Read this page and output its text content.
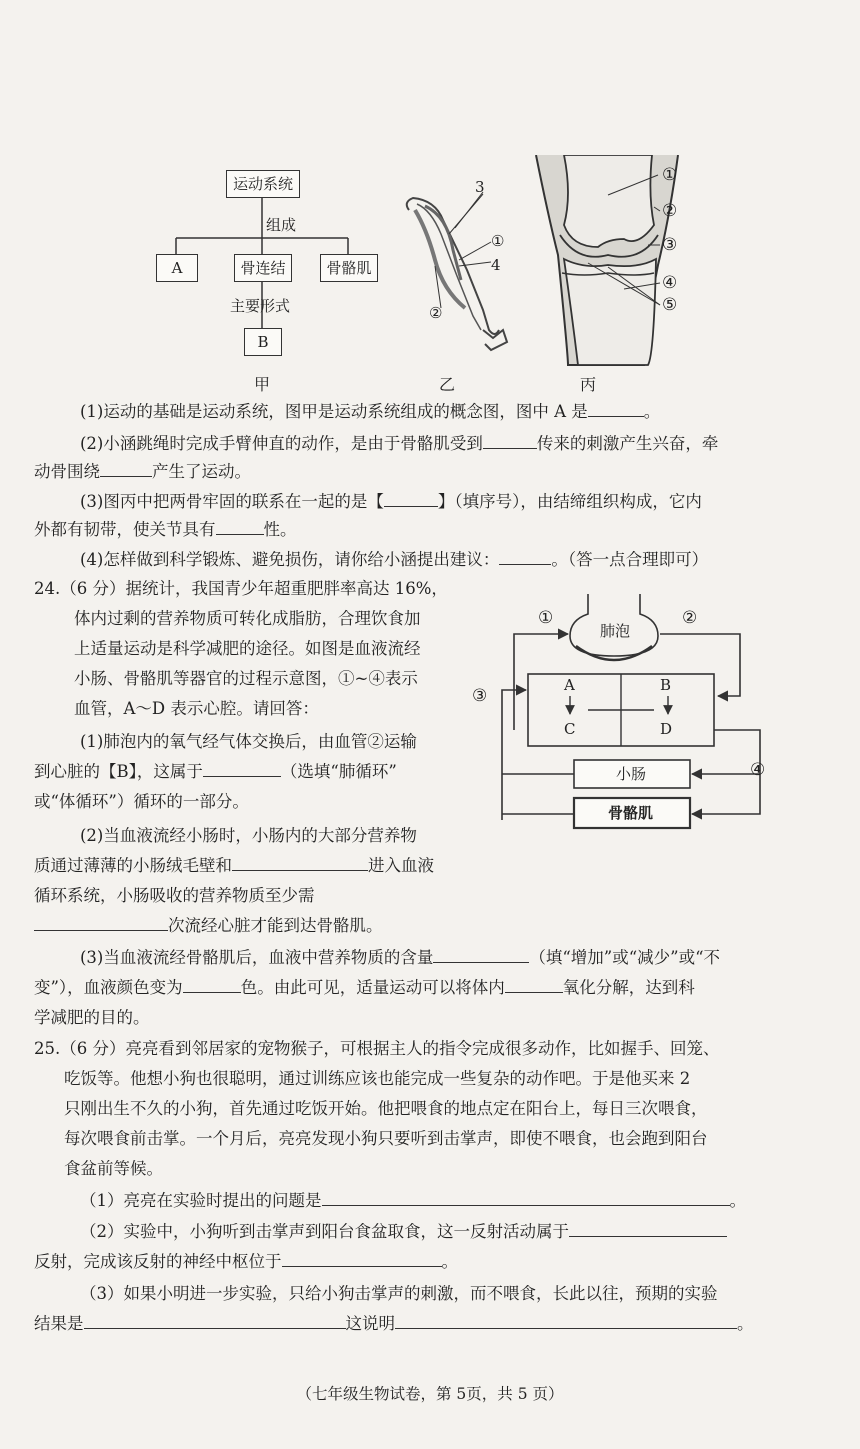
运动系统
组成
A	骨连结	骨骼肌
主要形式
B
甲
3
①
4
②
乙
①
②
③
④
⑤
丙
(1)运动的基础是运动系统，图甲是运动系统组成的概念图，图中 A 是	。
(2)小涵跳绳时完成手臂伸直的动作，是由于骨骼肌受到	传来的刺激产生兴奋，牵
动骨围绕	产生了运动。
(3)图丙中把两骨牢固的联系在一起的是【	】（填序号），由结缔组织构成，它内
外都有韧带，使关节具有	性。
(4)怎样做到科学锻炼、避免损伤，请你给小涵提出建议：	。（答一点合理即可）
24.（6 分）据统计，我国青少年超重肥胖率高达 16%，
体内过剩的营养物质可转化成脂肪，合理饮食加
上适量运动是科学减肥的途径。如图是血液流经
小肠、骨骼肌等器官的过程示意图，①~④表示
血管，A～D 表示心腔。请回答：
(1)肺泡内的氧气经气体交换后，由血管②运输
到心脏的【B】，这属于	（选填“肺循环”
或“体循环”）循环的一部分。
(2)当血液流经小肠时，小肠内的大部分营养物
质通过薄薄的小肠绒毛壁和	进入血液
循环系统，小肠吸收的营养物质至少需
次流经心脏才能到达骨骼肌。
(3)当血液流经骨骼肌后，血液中营养物质的含量	（填“增加”或“减少”或“不
变”），血液颜色变为	色。由此可见，适量运动可以将体内	氧化分解，达到科
学减肥的目的。
肺泡
A	B
C	D
小肠
骨骼肌
①	②
③
④
25.（6 分）亮亮看到邻居家的宠物猴子，可根据主人的指令完成很多动作，比如握手、回笼、
吃饭等。他想小狗也很聪明，通过训练应该也能完成一些复杂的动作吧。于是他买来 2
只刚出生不久的小狗，首先通过吃饭开始。他把喂食的地点定在阳台上，每日三次喂食，
每次喂食前击掌。一个月后，亮亮发现小狗只要听到击掌声，即使不喂食，也会跑到阳台
食盆前等候。
（1）亮亮在实验时提出的问题是	。
（2）实验中，小狗听到击掌声到阳台食盆取食，这一反射活动属于
反射，完成该反射的神经中枢位于	。
（3）如果小明进一步实验，只给小狗击掌声的刺激，而不喂食，长此以往，预期的实验
结果是	这说明	。
（七年级生物试卷，第 5页，共 5 页）
